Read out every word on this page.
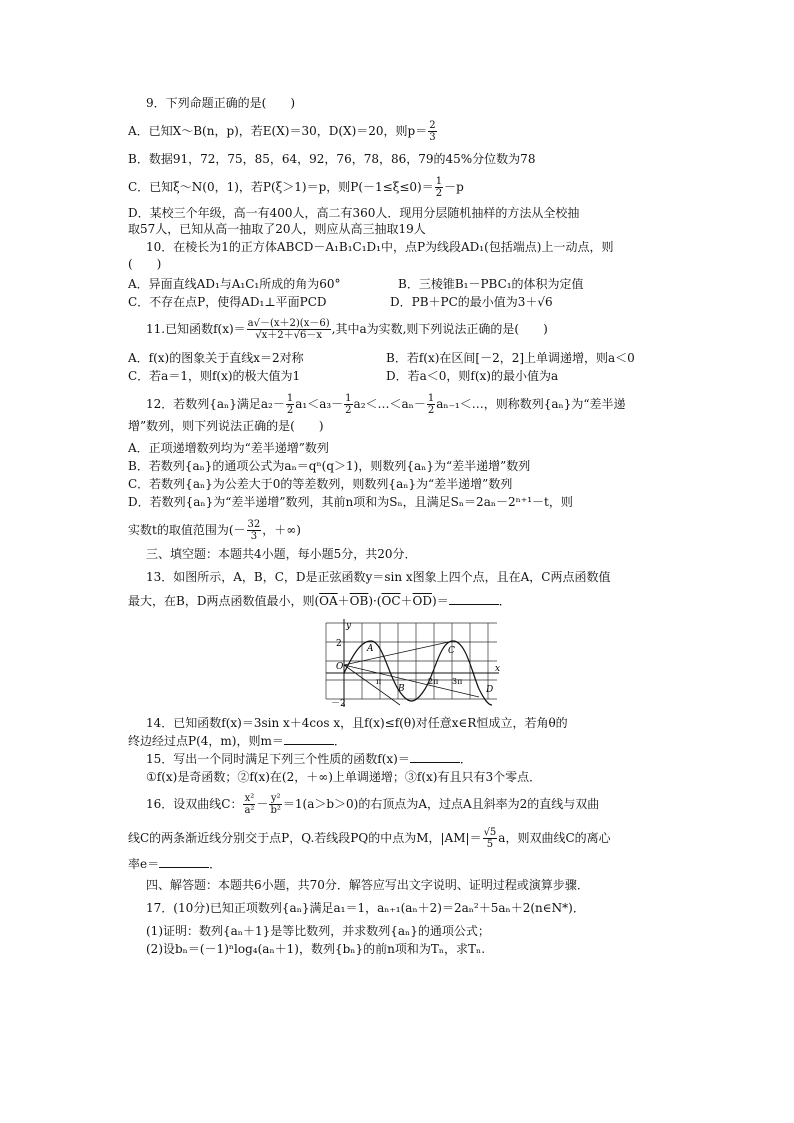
9．下列命题正确的是(　　)
A．已知X～B(n，p)，若E(X)＝30，D(X)＝20，则$p= \frac{2}{3}$
B．数据91，72，75，85，64，92，76，78，86，79的45%分位数为78
C．已知ξ～N(0，1)，若P(ξ＞1)＝p，则$P(-1\le\xi\le 0)= \frac{1}{2} -p$
D．某校三个年级，高一有400人，高二有360人．现用分层随机抽样的方法从全校抽
取57人，已知从高一抽取了20人，则应从高三抽取19人
10．在棱长为1的正方体ABCD－A₁B₁C₁D₁中，点P为线段AD₁(包括端点)上一动点，则
(　　)
A．异面直线AD₁与A₁C₁所成的角为60°	B．三棱锥B₁－PBC₁的体积为定值
C．不存在点P，使得AD₁⊥平面PCD	D．PB＋PC的最小值为3＋√6
11.已知函数$f(x)= \frac{a√-(x+2)(x-6)}{√x+2+√6-x}$ ,其中a为实数,则下列说法正确的是(　　)
A．f(x)的图象关于直线x＝2对称	B．若f(x)在区间[－2，2]上单调递增，则a＜0
C．若a＝1，则f(x)的极大值为1	D．若a＜0，则f(x)的最小值为a
12．若数列{aₙ}满足$a_2- \frac{1}{2} a_1<a_3- \frac{1}{2}$ a₂＜…＜aₙ－ $\frac{1}{2}$ aₙ₋₁＜…，则称数列{aₙ}为“差半递
增”数列，则下列说法正确的是(　　)
A．正项递增数列均为“差半递增”数列
B．若数列{aₙ}的通项公式为aₙ＝qⁿ(q＞1)，则数列{aₙ}为“差半递增”数列
C．若数列{aₙ}为公差大于0的等差数列，则数列{aₙ}为“差半递增”数列
D．若数列{aₙ}为“差半递增”数列，其前n项和为Sₙ，且满足Sₙ＝2aₙ－2ⁿ⁺¹－t，则
实数t的取值范围为(－ $\frac{32}{3}$ ，＋∞)
三、填空题：本题共4小题，每小题5分，共20分．
13．如图所示，A，B，C，D是正弦函数y＝sin x图象上四个点，且在A，C两点函数值
最大，在B，D两点函数值最小，则$(\overline{OA}+\overline{OB})\cdot(\overline{OC}+\overline{OD})=$	．
y
x
O
2
－2
A
B
C
D
π	2π 3π
14．已知函数f(x)＝3sin x＋4cos x，且f(x)≤f(θ)对任意x∈R恒成立，若角θ的
终边经过点P(4，m)，则m＝	．
15．写出一个同时满足下列三个性质的函数f(x)＝	．
①f(x)是奇函数；②f(x)在(2，＋∞)上单调递增；③f(x)有且只有3个零点．
16．设双曲线C： $\frac{\text{x²}}{\text{a²}} - \frac{\text{y²}}{\text{b²}} =1(a>b>0)$的右顶点为A，过点A且斜率为2的直线与双曲
线C的两条渐近线分别交于点P，Q.若线段PQ的中点为M，$|AM|= \frac{√5}{5}$ a，则双曲线C的离心
率e＝	．
四、解答题：本题共6小题，共70分．解答应写出文字说明、证明过程或演算步骤．
17．(10分)已知正项数列{aₙ}满足a₁＝1，aₙ₊₁(aₙ＋2)＝2aₙ²＋5aₙ＋2(n∈N*)．
(1)证明：数列{aₙ＋1}是等比数列，并求数列{aₙ}的通项公式；
(2)设bₙ＝(－1)ⁿlog₄(aₙ＋1)，数列{bₙ}的前n项和为Tₙ，求Tₙ.
